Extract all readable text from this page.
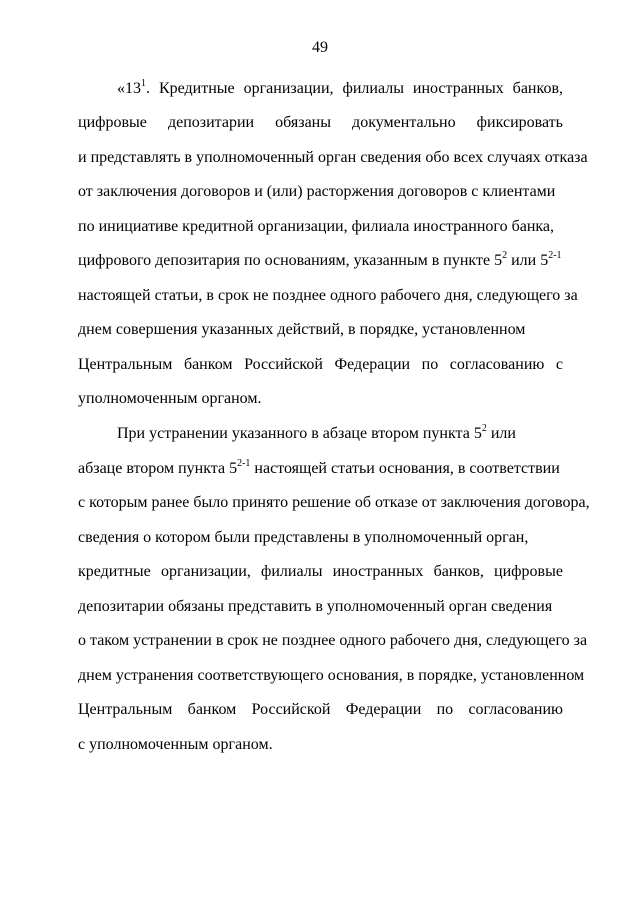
49
«$13^1$. Кредитные организации, филиалы иностранных банков,
цифровые депозитарии обязаны документально фиксировать
и представлять в уполномоченный орган сведения обо всех случаях отказа
от заключения договоров и (или) расторжения договоров с клиентами
по инициативе кредитной организации, филиала иностранного банка,
цифрового депозитария по основаниям, указанным в пункте $5^2$ или 5$^{2-1}$
настоящей статьи, в срок не позднее одного рабочего дня, следующего за
днем совершения указанных действий, в порядке, установленном
Центральным банком Российской Федерации по согласованию с
уполномоченным органом.
При устранении указанного в абзаце втором пункта $5^2$ или
абзаце втором пункта 5$^{2-1}$ настоящей статьи основания, в соответствии
с которым ранее было принято решение об отказе от заключения договора,
сведения о котором были представлены в уполномоченный орган,
кредитные организации, филиалы иностранных банков, цифровые
депозитарии обязаны представить в уполномоченный орган сведения
о таком устранении в срок не позднее одного рабочего дня, следующего за
днем устранения соответствующего основания, в порядке, установленном
Центральным банком Российской Федерации по согласованию
с уполномоченным органом.
